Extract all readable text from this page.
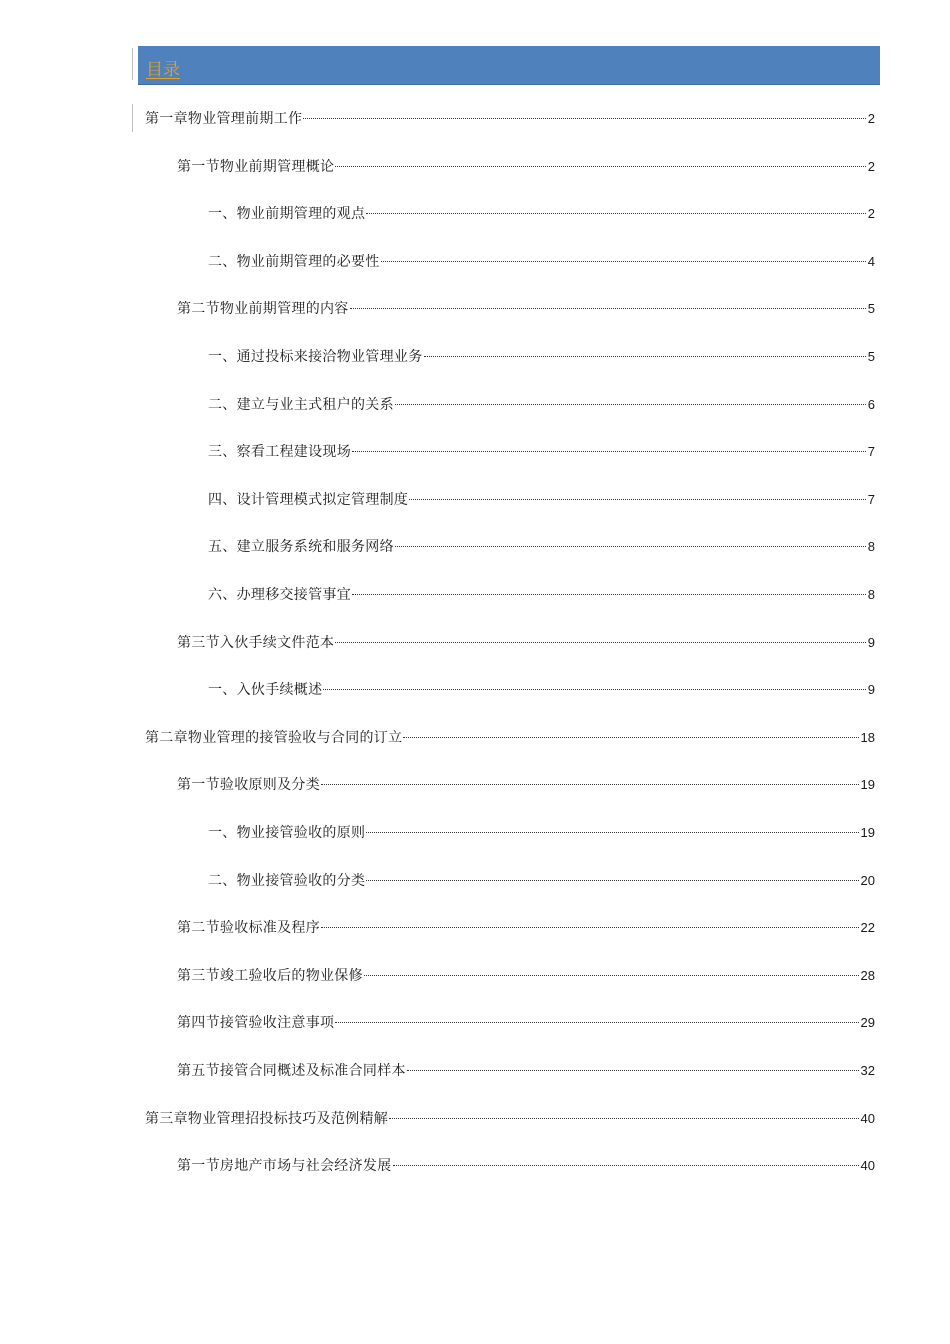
目录
第一章物业管理前期工作	2
第一节物业前期管理概论	2
一、物业前期管理的观点	2
二、物业前期管理的必要性	4
第二节物业前期管理的内容	5
一、通过投标来接洽物业管理业务	5
二、建立与业主式租户的关系	6
三、察看工程建设现场	7
四、设计管理模式拟定管理制度	7
五、建立服务系统和服务网络	8
六、办理移交接管事宜	8
第三节入伙手续文件范本	9
一、入伙手续概述	9
第二章物业管理的接管验收与合同的订立	18
第一节验收原则及分类	19
一、物业接管验收的原则	19
二、物业接管验收的分类	20
第二节验收标准及程序	22
第三节竣工验收后的物业保修	28
第四节接管验收注意事项	29
第五节接管合同概述及标准合同样本	32
第三章物业管理招投标技巧及范例精解	40
第一节房地产市场与社会经济发展	40
